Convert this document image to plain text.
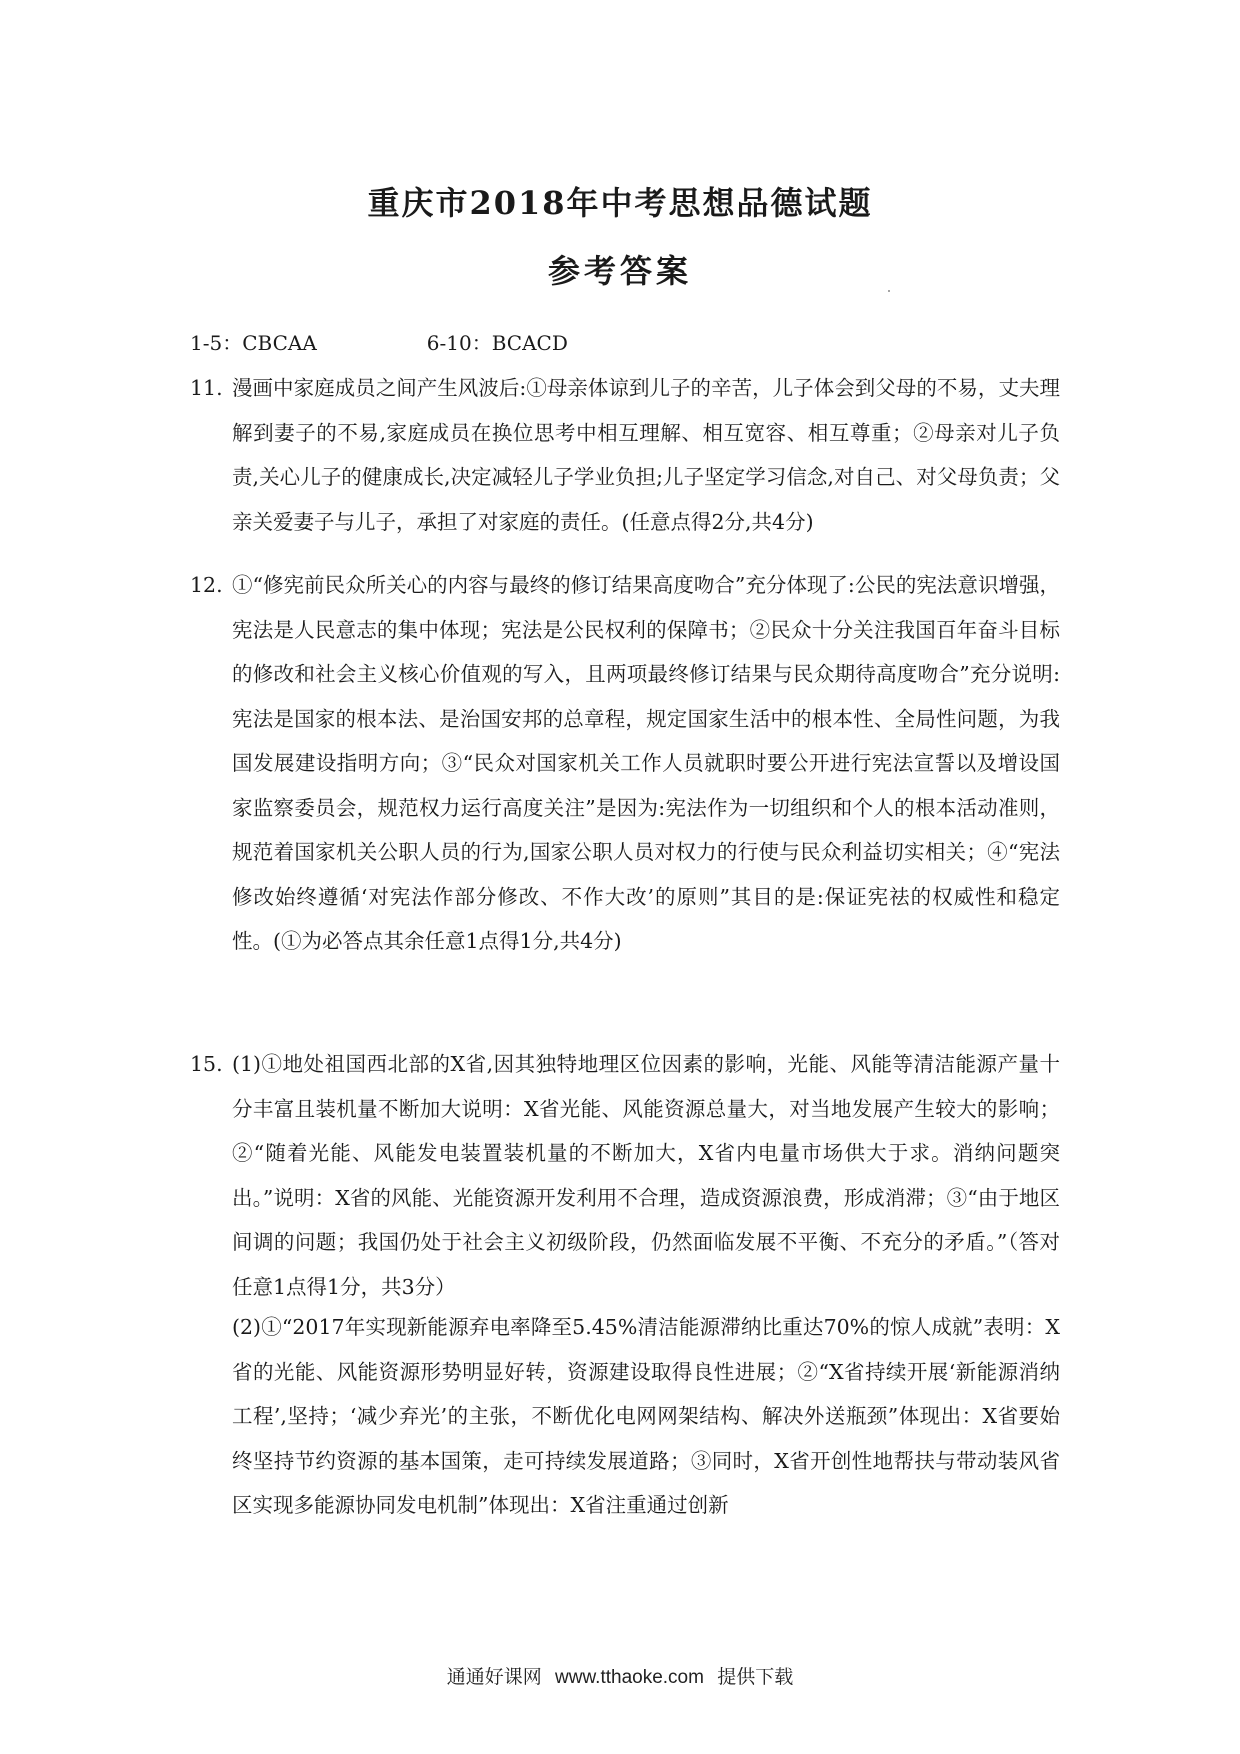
重庆市2018年中考思想品德试题
参考答案
1-5：CBCAA	6-10：BCACD
11. 漫画中家庭成员之间产生风波后:①母亲体谅到儿子的辛苦，儿子体会到父母的不易，丈夫理解到妻子的不易,家庭成员在换位思考中相互理解、相互宽容、相互尊重；②母亲对儿子负责,关心儿子的健康成长,决定减轻儿子学业负担;儿子坚定学习信念,对自己、对父母负责；父亲关爱妻子与儿子，承担了对家庭的责任。(任意点得2分,共4分)
12. ①“修宪前民众所关心的内容与最终的修订结果高度吻合”充分体现了:公民的宪法意识增强，宪法是人民意志的集中体现；宪法是公民权利的保障书；②民众十分关注我国百年奋斗目标的修改和社会主义核心价值观的写入，且两项最终修订结果与民众期待高度吻合”充分说明:宪法是国家的根本法、是治国安邦的总章程，规定国家生活中的根本性、全局性问题，为我国发展建设指明方向；③“民众对国家机关工作人员就职时要公开进行宪法宣誓以及增设国家监察委员会，规范权力运行高度关注”是因为:宪法作为一切组织和个人的根本活动准则，规范着国家机关公职人员的行为,国家公职人员对权力的行使与民众利益切实相关；④“宪法修改始终遵循‘对宪法作部分修改、不作大改’的原则”其目的是:保证宪祛的权威性和稳定性。(①为必答点其余任意1点得1分,共4分)
15. (1)①地处祖国西北部的X省,因其独特地理区位因素的影响，光能、风能等清洁能源产量十分丰富且装机量不断加大说明：X省光能、风能资源总量大，对当地发展产生较大的影响；②“随着光能、风能发电装置装机量的不断加大，X省内电量市场供大于求。消纳问题突出。”说明：X省的风能、光能资源开发利用不合理，造成资源浪费，形成消滞；③“由于地区间调的问题；我国仍处于社会主义初级阶段，仍然面临发展不平衡、不充分的矛盾。”（答对任意1点得1分，共3分）
(2)①“2017年实现新能源弃电率降至5.45%清洁能源滞纳比重达70%的惊人成就”表明：X省的光能、风能资源形势明显好转，资源建设取得良性进展；②“X省持续开展‘新能源消纳工程’,坚持；‘减少弃光’的主张，不断优化电网网架结构、解决外送瓶颈”体现出：X省要始终坚持节约资源的基本国策，走可持续发展道路；③同时，X省开创性地帮扶与带动装风省区实现多能源协同发电机制”体现出：X省注重通过创新
通通好课网 www.tthaoke.com 提供下载
